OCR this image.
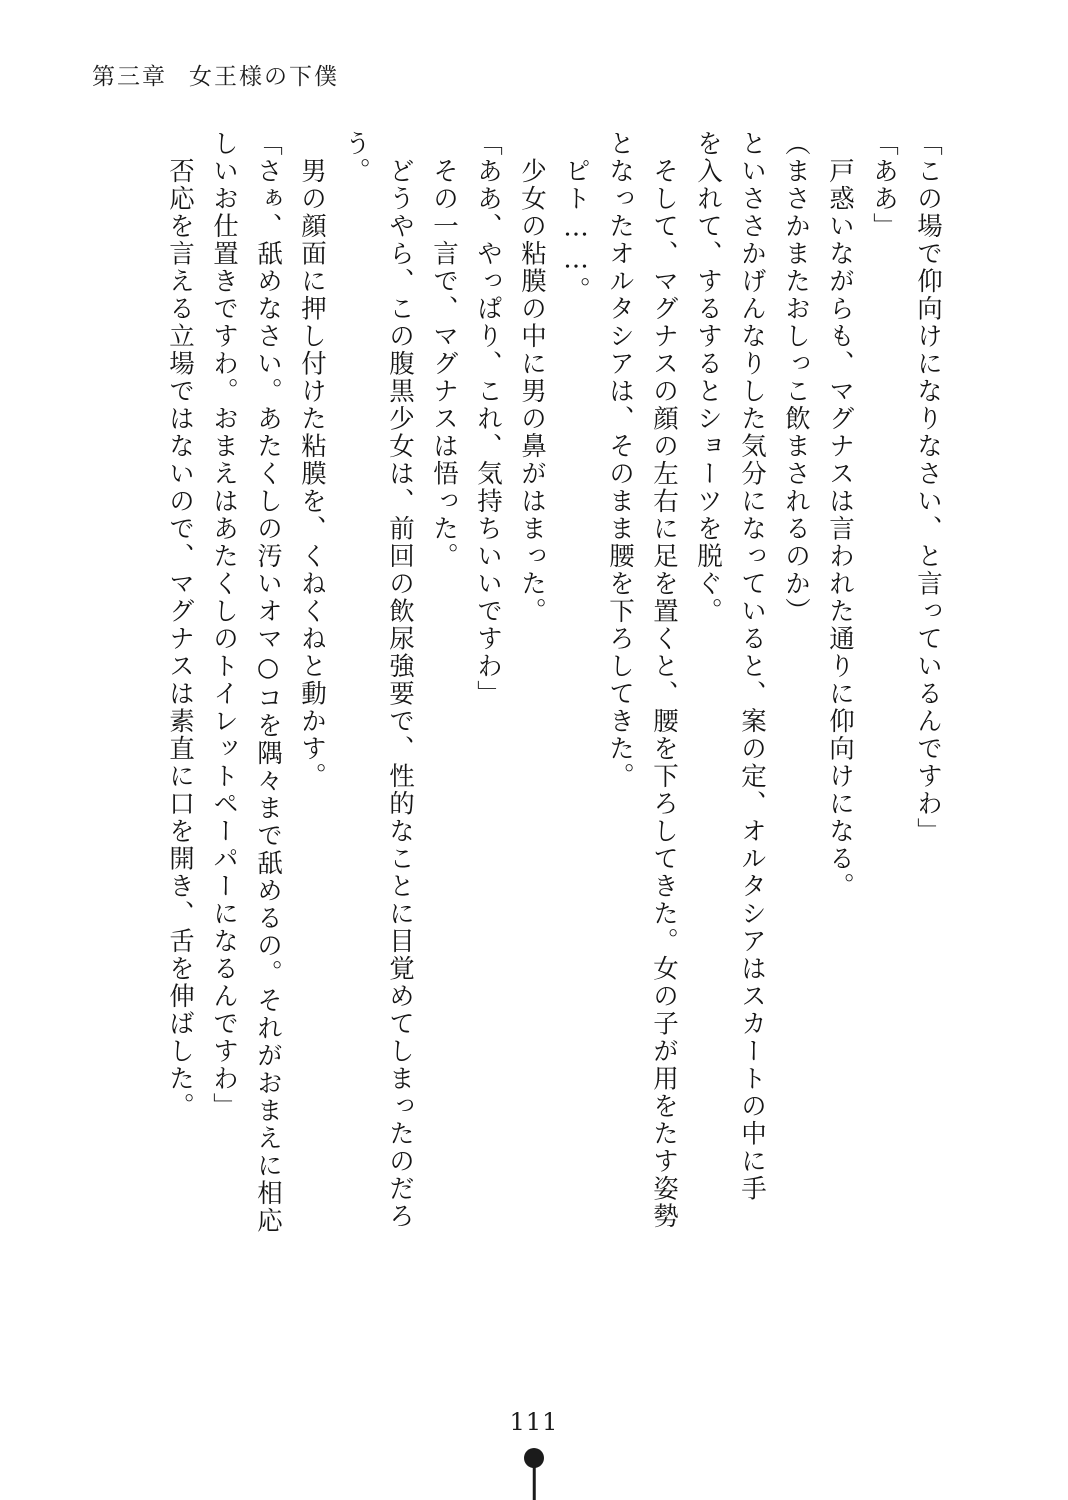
第三章 女王様の下僕
「この場で仰向けになりなさい、と言っているんですわ」
「ああ」
　戸惑いながらも、マグナスは言われた通りに仰向けになる。
（まさかまたおしっこ飲まされるのか）
といささかげんなりした気分になっていると、案の定、オルタシアはスカートの中に手
を入れて、するするとショーツを脱ぐ。
　そして、マグナスの顔の左右に足を置くと、腰を下ろしてきた。女の子が用をたす姿勢
となったオルタシアは、そのまま腰を下ろしてきた。
　ピト……。
　少女の粘膜の中に男の鼻がはまった。
「ああ、やっぱり、これ、気持ちいいですわ」
　その一言で、マグナスは悟った。
　どうやら、この腹黒少女は、前回の飲尿強要で、性的なことに目覚めてしまったのだろ
う。
　男の顔面に押し付けた粘膜を、くねくねと動かす。
「さぁ、舐めなさい。あたくしの汚いオマ○コを隅々まで舐めるの。それがおまえに相応
しいお仕置きですわ。おまえはあたくしのトイレットペーパーになるんですわ」
　否応を言える立場ではないので、マグナスは素直に口を開き、舌を伸ばした。
111
